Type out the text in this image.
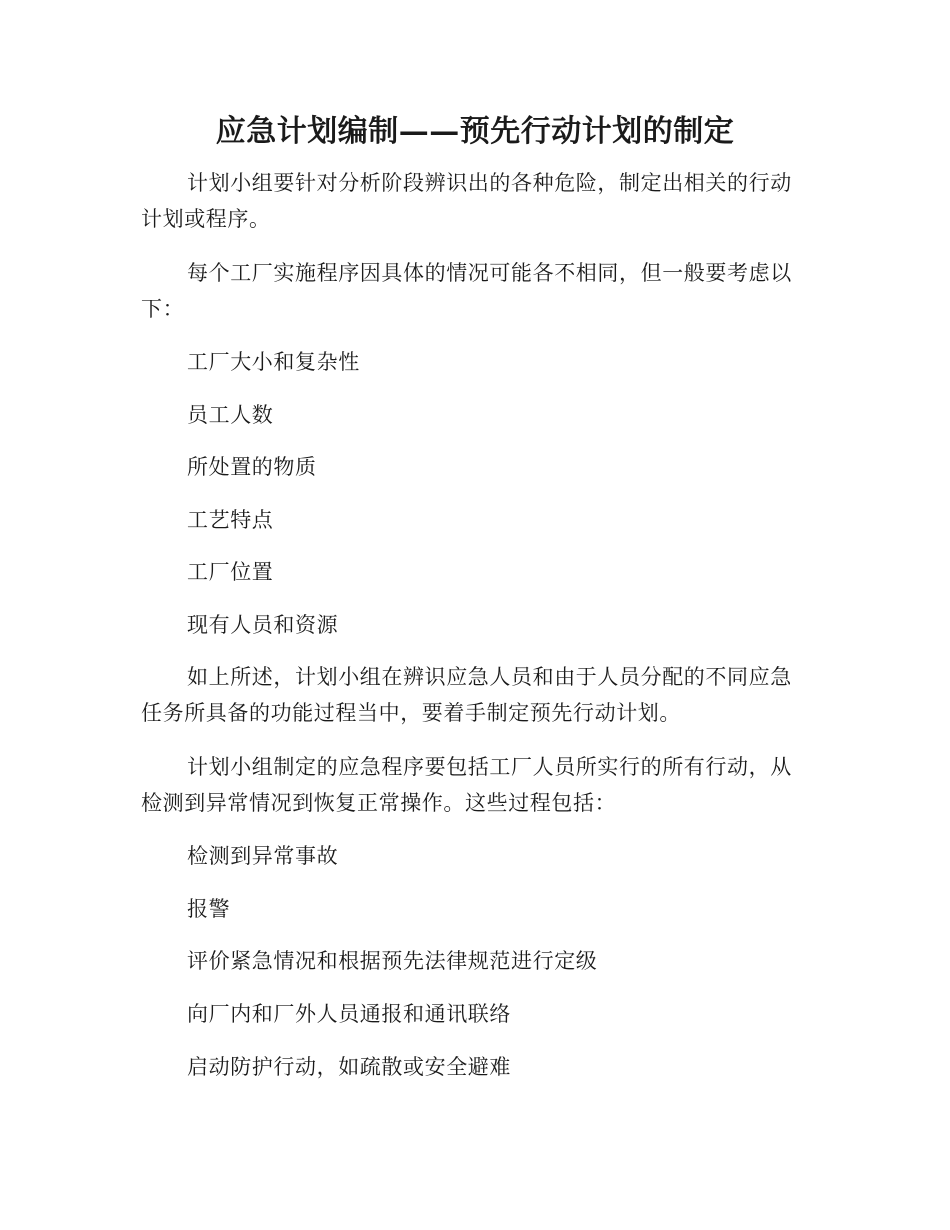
应急计划编制——预先行动计划的制定

计划小组要针对分析阶段辨识出的各种危险，制定出相关的行动计划或程序。

每个工厂实施程序因具体的情况可能各不相同，但一般要考虑以下：

工厂大小和复杂性

员工人数

所处置的物质

工艺特点

工厂位置

现有人员和资源

如上所述，计划小组在辨识应急人员和由于人员分配的不同应急任务所具备的功能过程当中，要着手制定预先行动计划。

计划小组制定的应急程序要包括工厂人员所实行的所有行动，从检测到异常情况到恢复正常操作。这些过程包括：

检测到异常事故

报警

评价紧急情况和根据预先法律规范进行定级

向厂内和厂外人员通报和通讯联络

启动防护行动，如疏散或安全避难
